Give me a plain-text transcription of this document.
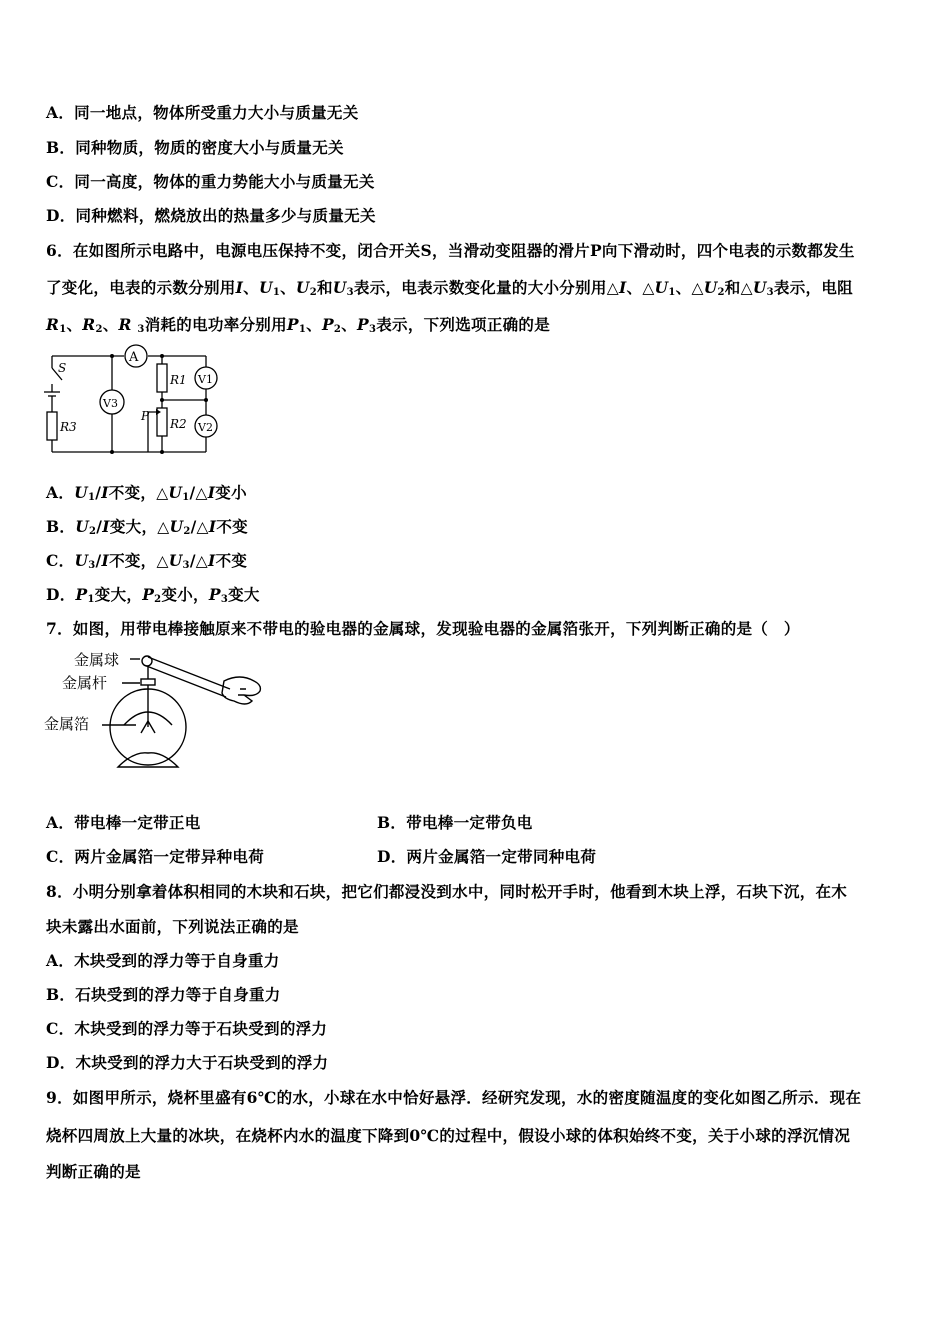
A．同一地点，物体所受重力大小与质量无关
B．同种物质，物质的密度大小与质量无关
C．同一高度，物体的重力势能大小与质量无关
D．同种燃料，燃烧放出的热量多少与质量无关
6．在如图所示电路中，电源电压保持不变，闭合开关S，当滑动变阻器的滑片P向下滑动时，四个电表的示数都发生
了变化，电表的示数分别用I、$U_1$、$U_2$和$U_3$表示，电表示数变化量的大小分别用△I、$\triangle U_1$、$\triangle U_2$和$\triangle U_3$表示，电阻
$R_1$、$R_2$、R $_3$消耗的电功率分别用$P_1$、$P_2$、$P_3$表示，下列选项正确的是
S
R3
A
V3
V1
V2
R1
R2
P
A．$U_1/I$不变，$\triangle U_1/\triangle I$变小
B．$U_2/I$变大，$\triangle U_2/\triangle I$不变
C．$U_3/I$不变，$\triangle U_3/\triangle I$不变
D．$P_1$变大，$P_2$变小，$P_3$变大
7．如图，用带电棒接触原来不带电的验电器的金属球，发现验电器的金属箔张开，下列判断正确的是（　）
金属球
金属杆
金属箔
A．带电棒一定带正电	B．带电棒一定带负电
C．两片金属箔一定带异种电荷	D．两片金属箔一定带同种电荷
8．小明分别拿着体积相同的木块和石块，把它们都浸没到水中，同时松开手时，他看到木块上浮，石块下沉，在木
块未露出水面前，下列说法正确的是
A．木块受到的浮力等于自身重力
B．石块受到的浮力等于自身重力
C．木块受到的浮力等于石块受到的浮力
D．木块受到的浮力大于石块受到的浮力
9．如图甲所示，烧杯里盛有6℃的水，小球在水中恰好悬浮．经研究发现，水的密度随温度的变化如图乙所示．现在
烧杯四周放上大量的冰块，在烧杯内水的温度下降到0℃的过程中，假设小球的体积始终不变，关于小球的浮沉情况
判断正确的是
